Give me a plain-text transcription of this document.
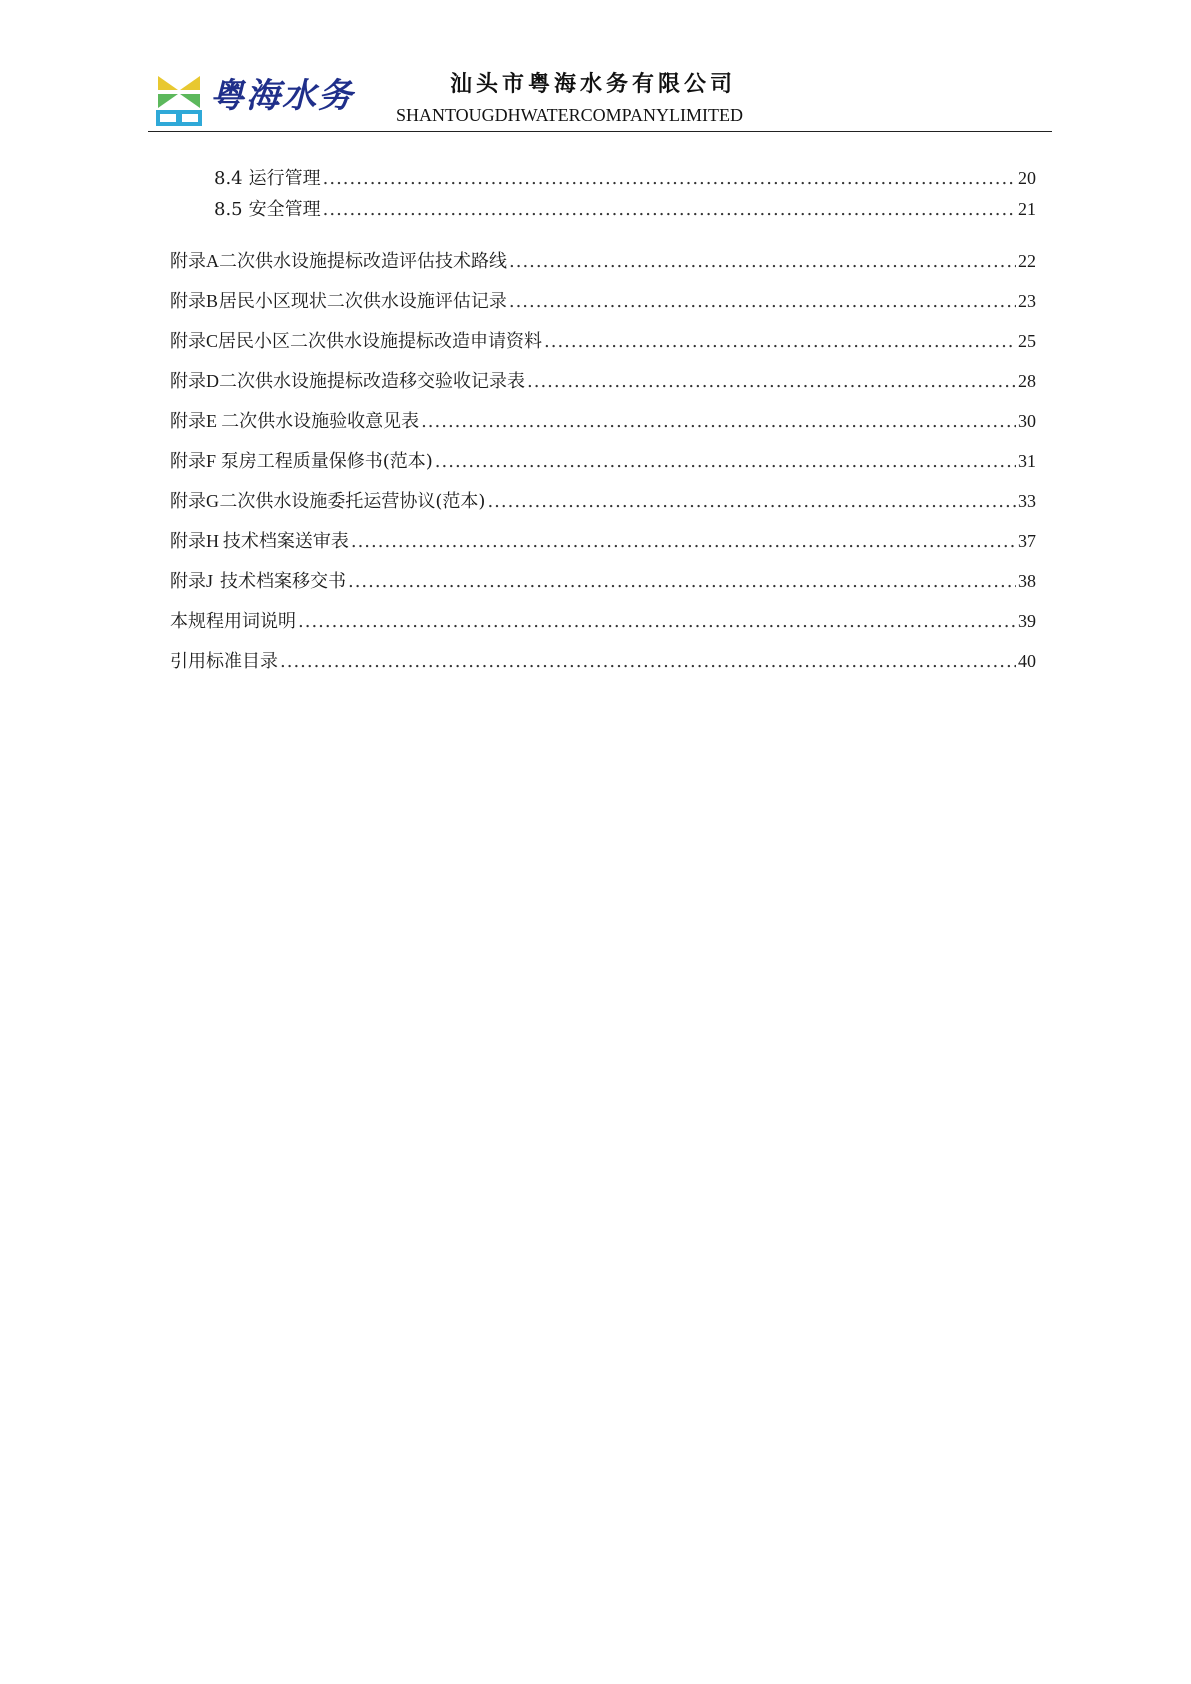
粤海水务	汕头市粤海水务有限公司
SHANTOUGDHWATERCOMPANYLIMITED
8.4 运行管理 .....	20
8.5 安全管理 .....	21
附 录 A 二次供水设施提标改造评估技术路线 .....	22
附 录 B 居民小区现状二次供水设施评估记录 .....	23
附 录 C 居民小区二次供水设施提标改造申请资料 .....	25
附 录 D 二次供水设施提标改造移交验收记录表 .....	28
附 录 E 二次供水设施验收意见表 .....	30
附 录 F 泵房工程质量保修书(范本) .....	31
附 录 G 二次供水设施委托运营协议(范本) .....	33
附 录 H 技术档案送审表 .....	37
附 录 J 技术档案移交书 .....	38
本规程用词说明 .....	39
引用标准目录 .....	40
